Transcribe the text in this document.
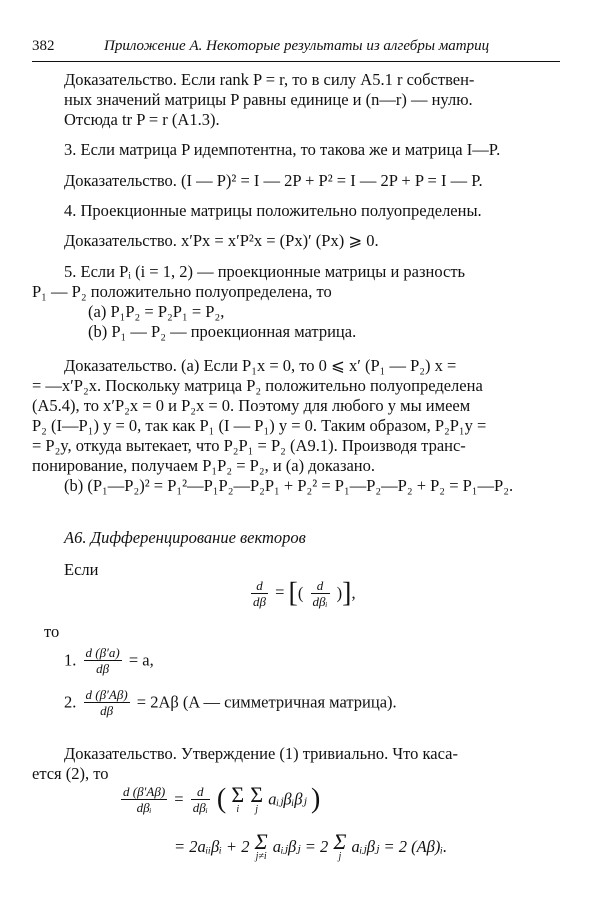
382	Приложение А. Некоторые результаты из алгебры матриц
Доказательство. Если rank P = r, то в силу A5.1 r собствен-
ных значений матрицы P равны единице и (n—r) — нулю.
Отсюда tr P = r (A1.3).
3. Если матрица P идемпотентна, то такова же и матрица I—P.
Доказательство. (I — P)² = I — 2P + P² = I — 2P + P = I — P.
4. Проекционные матрицы положительно полуопределены.
Доказательство. x′Px = x′P²x = (Px)′ (Px) ⩾ 0.
5. Если Pᵢ (i = 1, 2) — проекционные матрицы и разность
P₁ — P₂ положительно полуопределена, то
(a) P₁P₂ = P₂P₁ = P₂,
(b) P₁ — P₂ — проекционная матрица.
Доказательство. (a) Если P₁x = 0, то 0 ⩽ x′ (P₁ — P₂) x =
= —x′P₂x. Поскольку матрица P₂ положительно полуопределена
(A5.4), то x′P₂x = 0 и P₂x = 0. Поэтому для любого y мы имеем
P₂ (I—P₁) y = 0, так как P₁ (I — P₁) y = 0. Таким образом, P₂P₁y =
= P₂y, откуда вытекает, что P₂P₁ = P₂ (A9.1). Производя транс-
понирование, получаем P₁P₂ = P₂, и (a) доказано.
(b) (P₁—P₂)² = P₁²—P₁P₂—P₂P₁ + P₂² = P₁—P₂—P₂ + P₂ = P₁—P₂.
A6. Дифференцирование векторов
Если
$\frac{d}{d\beta}$ = [( $\frac{d}{\text{dβᵢ}}$ )],
то
1. $\frac{d (\beta'a)}{d\beta} = a$,
2. $\frac{d (\beta'A\beta)}{d\beta} = 2A\beta$ (A — симметричная матрица).
Доказательство. Утверждение (1) тривиально. Что каса-
ется (2), то
$\frac{d (\beta'A\beta)}{\text{dβᵢ}} = \frac{d}{\text{dβᵢ}}$ ( Σ
i

Σ
j
aᵢⱼβᵢβⱼ )
= 2aᵢᵢβᵢ + 2 Σ
j≠i
aᵢⱼβⱼ = 2 Σ
j
aᵢⱼβⱼ = 2 (Aβ)ᵢ.
